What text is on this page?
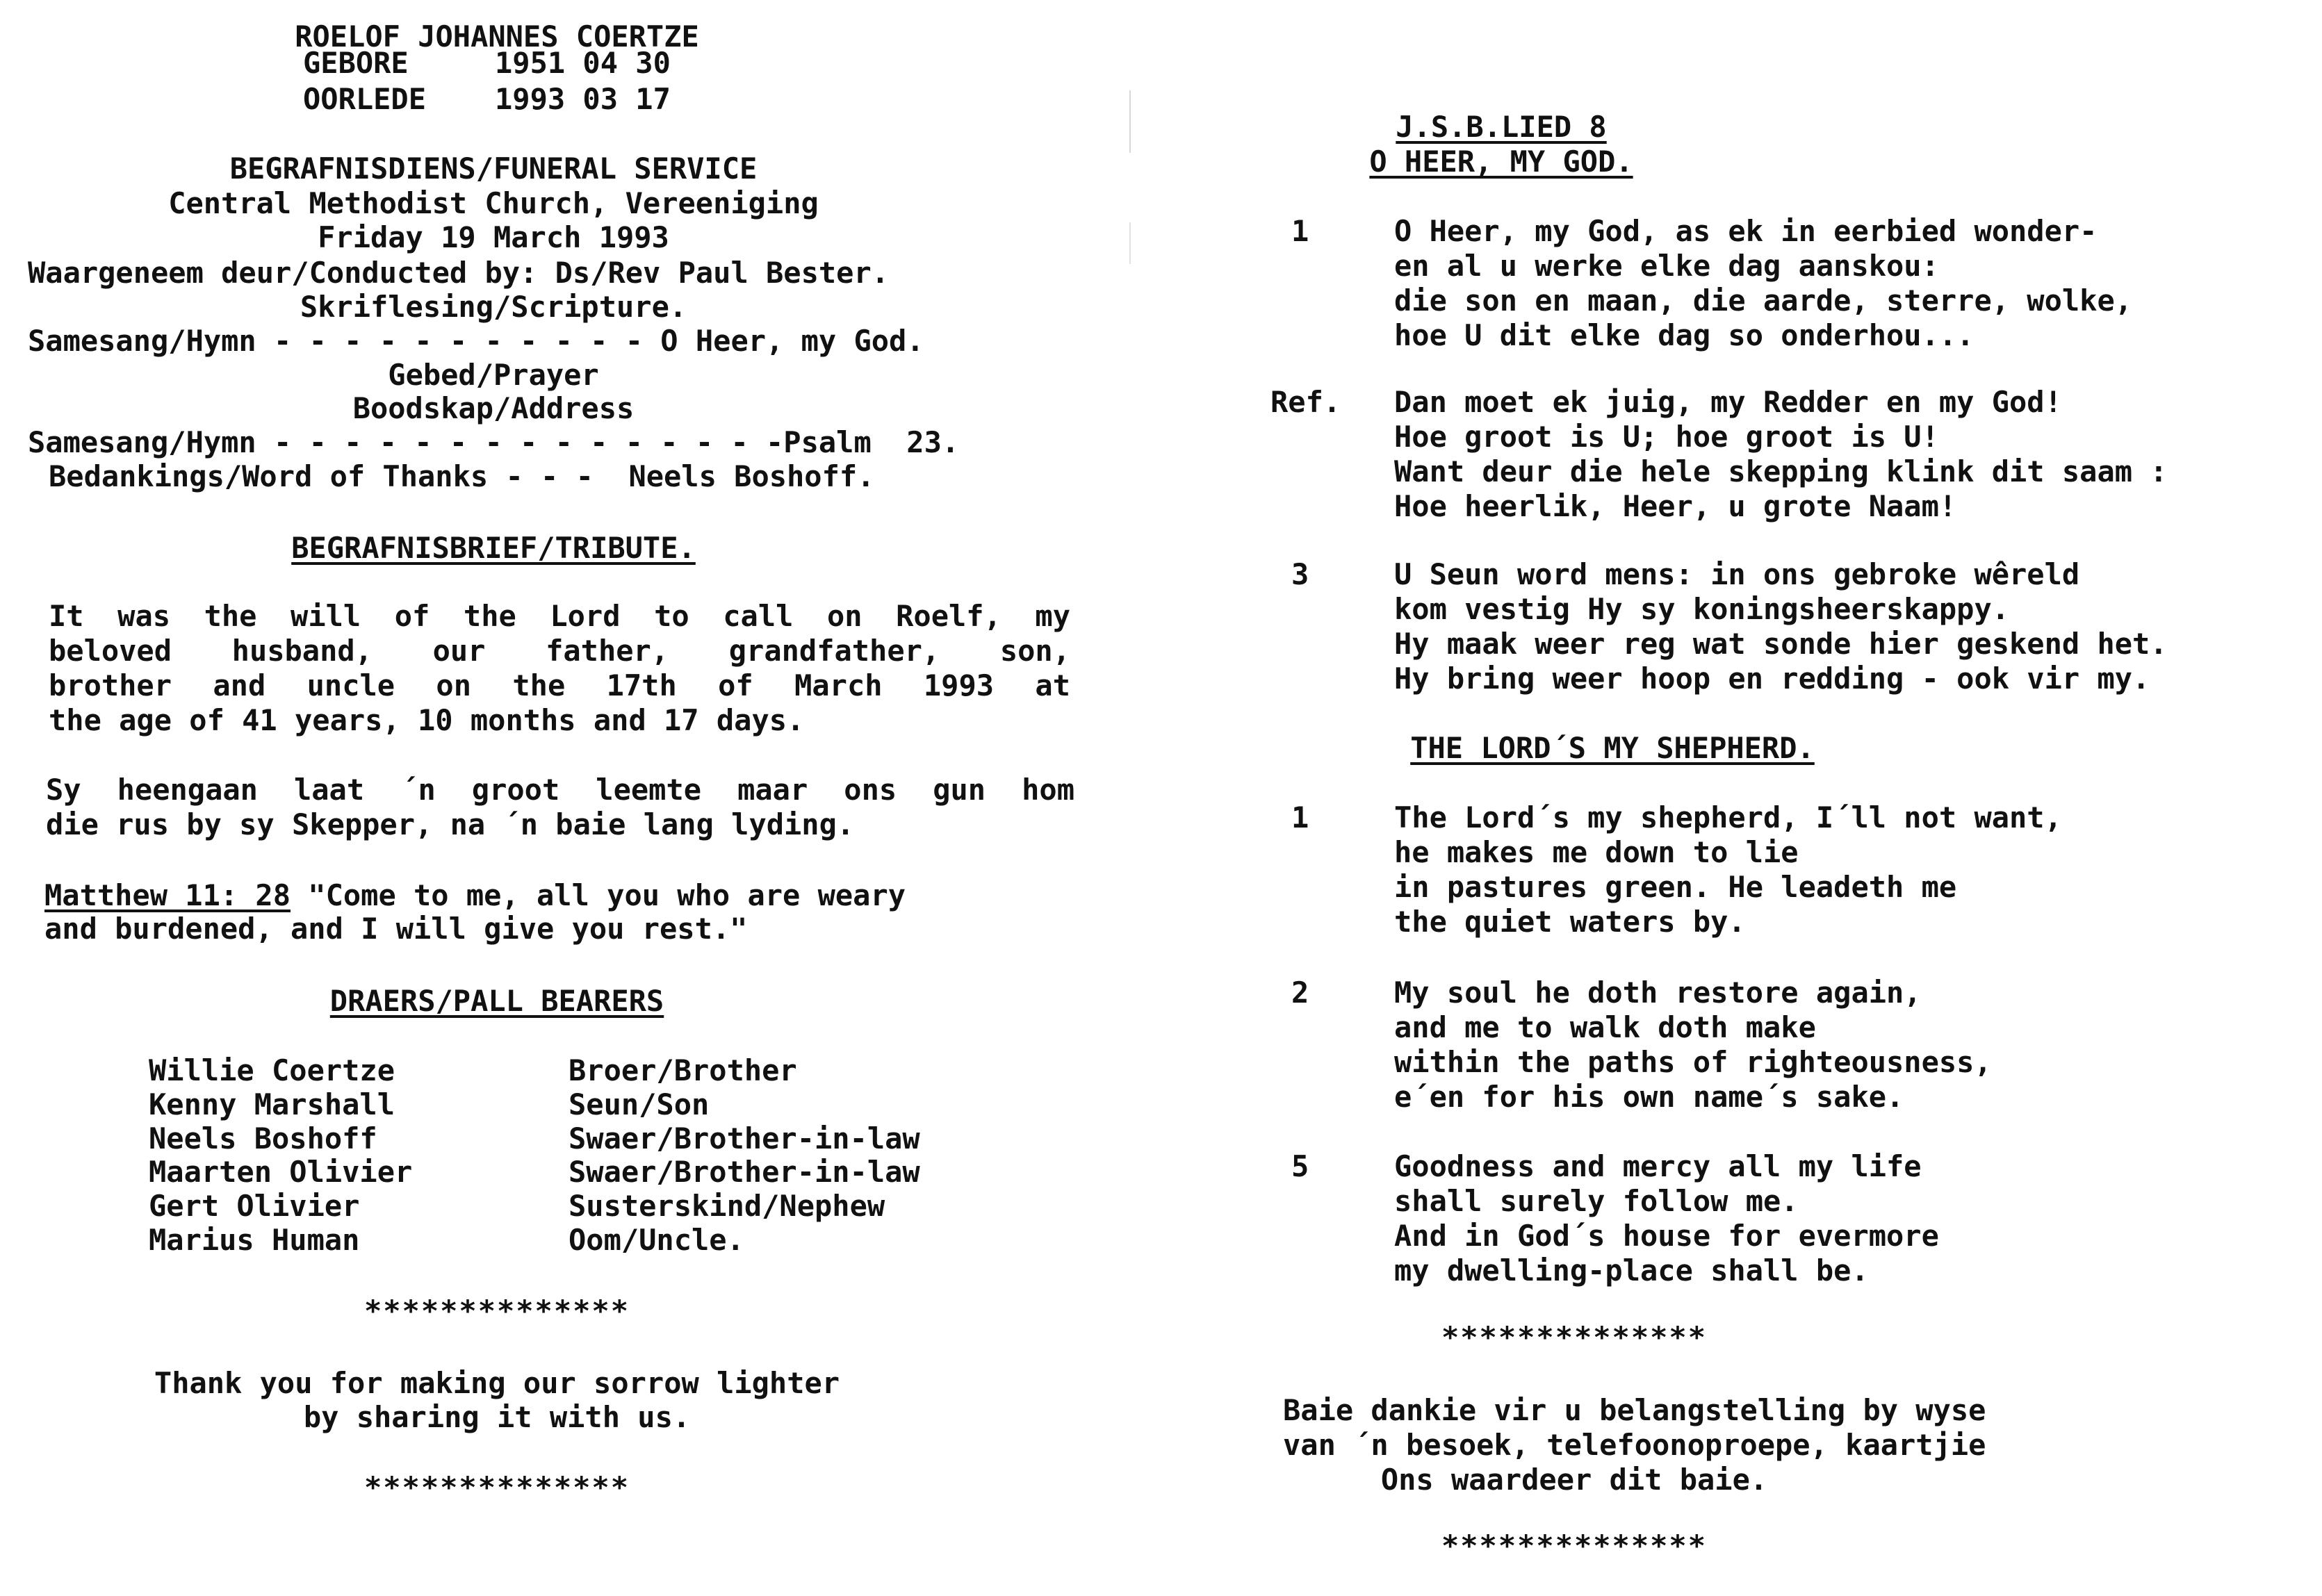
ROELOF JOHANNES COERTZE
GEBORE	1951 04 30
OORLEDE 1993 03 17
BEGRAFNISDIENS/FUNERAL SERVICE
Central Methodist Church, Vereeniging
Friday 19 March 1993
Waargeneem deur/Conducted by: Ds/Rev Paul Bester.
Skriflesing/Scripture.
Samesang/Hymn - - - - - - - - - - - O Heer, my God.
Gebed/Prayer
Boodskap/Address
Samesang/Hymn - - - - - - - - - - - - - - -Psalm  23.
Bedankings/Word of Thanks - - -  Neels Boshoff.
BEGRAFNISBRIEF/TRIBUTE.
It was the will of the Lord to call on Roelf, my
beloved husband, our father, grandfather, son,
brother and uncle on the 17th of March 1993 at
the age of 41 years, 10 months and 17 days.
Sy heengaan laat ´n groot leemte maar ons gun hom
die rus by sy Skepper, na ´n baie lang lyding.
Matthew 11: 28 "Come to me, all you who are weary
and burdened, and I will give you rest."
DRAERS/PALL BEARERS
Willie Coertze	Broer/Brother
Kenny Marshall	Seun/Son
Neels Boshoff	Swaer/Brother-in-law
Maarten Olivier	Swaer/Brother-in-law
Gert Olivier	Susterskind/Nephew
Marius Human	Oom/Uncle.
**************
Thank you for making our sorrow lighter
by sharing it with us.
**************
J.S.B.LIED 8
O HEER, MY GOD.
1	O Heer, my God, as ek in eerbied wonder-
en al u werke elke dag aanskou:
die son en maan, die aarde, sterre, wolke,
hoe U dit elke dag so onderhou...
Ref. Dan moet ek juig, my Redder en my God!
Hoe groot is U; hoe groot is U!
Want deur die hele skepping klink dit saam :
Hoe heerlik, Heer, u grote Naam!
3	U Seun word mens: in ons gebroke wêreld
kom vestig Hy sy koningsheerskappy.
Hy maak weer reg wat sonde hier geskend het.
Hy bring weer hoop en redding - ook vir my.
THE LORD´S MY SHEPHERD.
1	The Lord´s my shepherd, I´ll not want,
he makes me down to lie
in pastures green. He leadeth me
the quiet waters by.
2	My soul he doth restore again,
and me to walk doth make
within the paths of righteousness,
e´en for his own name´s sake.
5	Goodness and mercy all my life
shall surely follow me.
And in God´s house for evermore
my dwelling-place shall be.
**************
Baie dankie vir u belangstelling by wyse
van ´n besoek, telefoonoproepe, kaartjie
Ons waardeer dit baie.
**************
